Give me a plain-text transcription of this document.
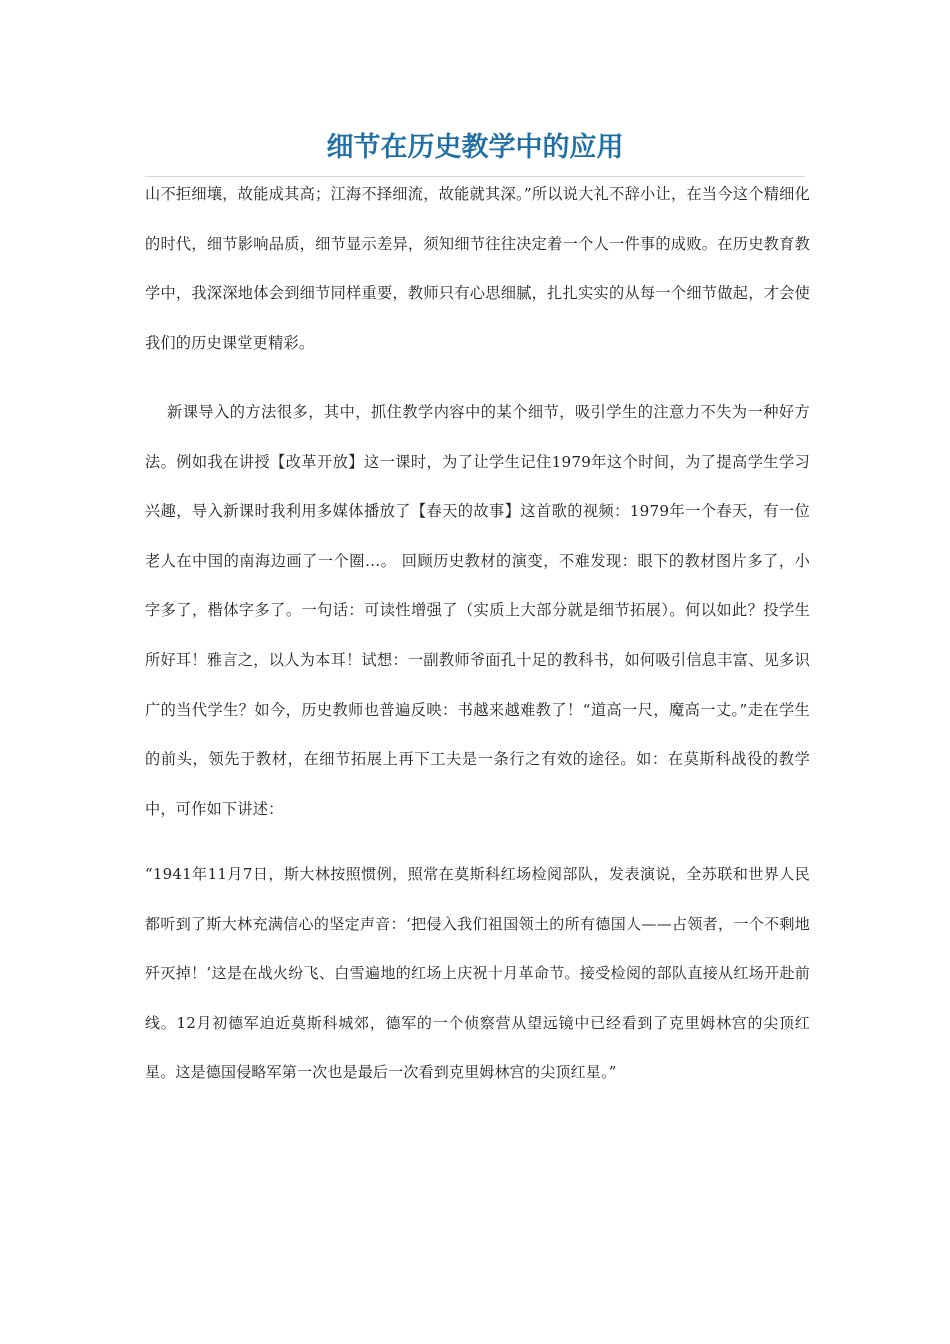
细节在历史教学中的应用

山不拒细壤，故能成其高；江海不择细流，故能就其深。”所以说大礼不辞小让，在当今这个精细化的时代，细节影响品质，细节显示差异，须知细节往往决定着一个人一件事的成败。在历史教育教学中，我深深地体会到细节同样重要，教师只有心思细腻，扎扎实实的从每一个细节做起，才会使我们的历史课堂更精彩。

新课导入的方法很多，其中，抓住教学内容中的某个细节，吸引学生的注意力不失为一种好方法。例如我在讲授【改革开放】这一课时，为了让学生记住1979年这个时间，为了提高学生学习兴趣，导入新课时我利用多媒体播放了【春天的故事】这首歌的视频：1979年一个春天，有一位老人在中国的南海边画了一个圈…。 回顾历史教材的演变，不难发现：眼下的教材图片多了，小字多了，楷体字多了。一句话：可读性增强了（实质上大部分就是细节拓展）。何以如此？投学生所好耳！雅言之，以人为本耳！试想：一副教师爷面孔十足的教科书，如何吸引信息丰富、见多识广的当代学生？如今，历史教师也普遍反映：书越来越难教了！“道高一尺，魔高一丈。”走在学生的前头，领先于教材，在细节拓展上再下工夫是一条行之有效的途径。如：在莫斯科战役的教学中，可作如下讲述：

“1941年11月7日，斯大林按照惯例，照常在莫斯科红场检阅部队，发表演说，全苏联和世界人民都听到了斯大林充满信心的坚定声音：‘把侵入我们祖国领土的所有德国人——占领者，一个不剩地歼灭掉！’这是在战火纷飞、白雪遍地的红场上庆祝十月革命节。接受检阅的部队直接从红场开赴前线。12月初德军迫近莫斯科城郊，德军的一个侦察营从望远镜中已经看到了克里姆林宫的尖顶红星。这是德国侵略军第一次也是最后一次看到克里姆林宫的尖顶红星。”
